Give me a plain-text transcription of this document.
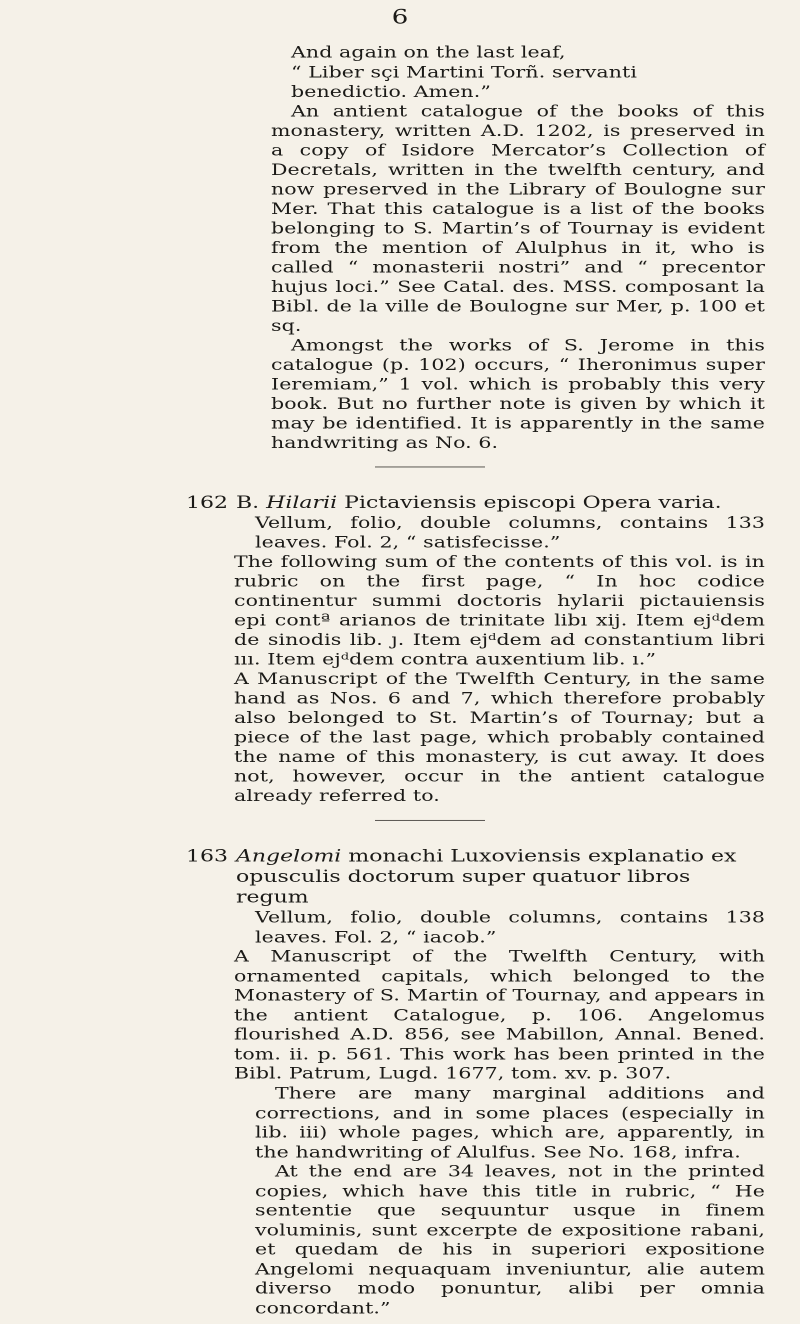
6

And again on the last leaf,

“ Liber sçi Martini Torñ. servanti benedictio. Amen.”

An antient catalogue of the books of this monastery, written A.D. 1202, is preserved in a copy of Isidore Mercator’s Collection of Decretals, written in the twelfth century, and now preserved in the Library of Boulogne sur Mer. That this catalogue is a list of the books belonging to S. Martin’s of Tournay is evident from the mention of Alulphus in it, who is called “ monasterii nostri” and “ precentor hujus loci.” See Catal. des. MSS. composant la Bibl. de la ville de Boulogne sur Mer, p. 100 et sq.

Amongst the works of S. Jerome in this catalogue (p. 102) occurs, “ Iheronimus super Ieremiam,” 1 vol. which is probably this very book. But no further note is given by which it may be identified. It is apparently in the same handwriting as No. 6.

162 B. Hilarii Pictaviensis episcopi Opera varia.

Vellum, folio, double columns, contains 133 leaves. Fol. 2, “ satisfecisse.”

The following sum of the contents of this vol. is in rubric on the first page, “ In hoc codice continentur summi doctoris hylarii pictauiensis epi contª arianos de trinitate libı xij. Item ejᵈdem de sinodis lib. ȷ. Item ejᵈdem ad constantium libri ııı. Item ejᵈdem contra auxentium lib. ı.”

A Manuscript of the Twelfth Century, in the same hand as Nos. 6 and 7, which therefore probably also belonged to St. Martin’s of Tournay; but a piece of the last page, which probably contained the name of this monastery, is cut away. It does not, however, occur in the antient catalogue already referred to.

163 Angelomi monachi Luxoviensis explanatio ex opusculis doctorum super quatuor libros regum

Vellum, folio, double columns, contains 138 leaves. Fol. 2, “ iacob.”

A Manuscript of the Twelfth Century, with ornamented capitals, which belonged to the Monastery of S. Martin of Tournay, and appears in the antient Catalogue, p. 106. Angelomus flourished A.D. 856, see Mabillon, Annal. Bened. tom. ii. p. 561. This work has been printed in the Bibl. Patrum, Lugd. 1677, tom. xv. p. 307.

There are many marginal additions and corrections, and in some places (especially in lib. iii) whole pages, which are, apparently, in the handwriting of Alulfus. See No. 168, infra.

At the end are 34 leaves, not in the printed copies, which have this title in rubric, “ He sententie que sequuntur usque in finem voluminis, sunt excerpte de expositione rabani, et quedam de his in superiori expositione Angelomi nequaquam inveniuntur, alie autem diverso modo ponuntur, alibi per omnia concordant.”
